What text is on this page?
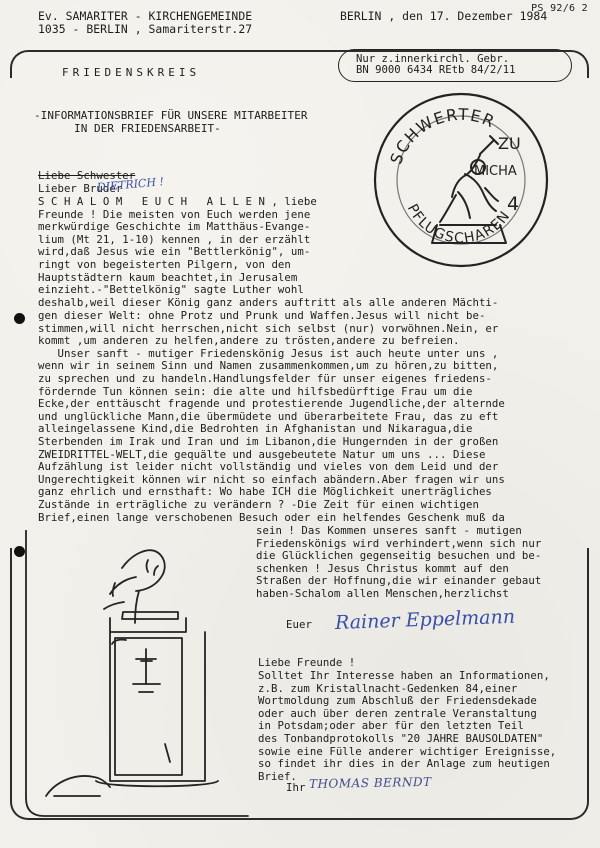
PS 92/6 2
Ev. SAMARITER - KIRCHENGEMEINDE
1035 - BERLIN , Samariterstr.27
BERLIN , den 17. Dezember 1984
Nur z.innerkirchl. Gebr.
BN 9000 6434 REtb 84/2/11
FRIEDENSKREIS
-INFORMATIONSBRIEF FÜR UNSERE MITARBEITER
IN DER FRIEDENSARBEIT-
SCHWERTER
ZU
PFLUGSCHAREN
MICHA
4
Liebe Schwester
Lieber Bruder
DIETRICH !
S C H A L O M   E U C H   A L L E N , liebe
Freunde ! Die meisten von Euch werden jene
merkwürdige Geschichte im Matthäus-Evange-
lium (Mt 21, 1-10) kennen , in der erzählt
wird,daß Jesus wie ein "Bettlerkönig", um-
ringt von begeisterten Pilgern, von den
Hauptstädtern kaum beachtet,in Jerusalem
einzieht.-"Bettelkönig" sagte Luther wohl
deshalb,weil dieser König ganz anders auftritt als alle anderen Mächti-
gen dieser Welt: ohne Protz und Prunk und Waffen.Jesus will nicht be-
stimmen,will nicht herrschen,nicht sich selbst (nur) vorwöhnen.Nein, er
kommt ,um anderen zu helfen,andere zu trösten,andere zu befreien.
Unser sanft - mutiger Friedenskönig Jesus ist auch heute unter uns ,
wenn wir in seinem Sinn und Namen zusammenkommen,um zu hören,zu bitten,
zu sprechen und zu handeln.Handlungsfelder für unser eigenes friedens-
fördernde Tun können sein: die alte und hilfsbedürftige Frau um die
Ecke,der enttäuscht fragende und protestierende Jugendliche,der alternde
und unglückliche Mann,die übermüdete und überarbeitete Frau, das zu eft
alleingelassene Kind,die Bedrohten in Afghanistan und Nikaragua,die
Sterbenden im Irak und Iran und im Libanon,die Hungernden in der großen
ZWEIDRITTEL-WELT,die gequälte und ausgebeutete Natur um uns ... Diese
Aufzählung ist leider nicht vollständig und vieles von dem Leid und der
Ungerechtigkeit können wir nicht so einfach abändern.Aber fragen wir uns
ganz ehrlich und ernsthaft: Wo habe ICH die Möglichkeit unerträgliches
Zustände in erträgliche zu verändern ? -Die Zeit für einen wichtigen
Brief,einen lange verschobenen Besuch oder ein helfendes Geschenk muß da
sein ! Das Kommen unseres sanft - mutigen
Friedenskönigs wird verhindert,wenn sich nur
die Glücklichen gegenseitig besuchen und be-
schenken ! Jesus Christus kommt auf den
Straßen der Hoffnung,die wir einander gebaut
haben-Schalom allen Menschen,herzlichst
Euer Rainer Eppelmann
Liebe Freunde !
Solltet Ihr Interesse haben an Informationen,
z.B. zum Kristallnacht-Gedenken 84,einer
Wortmoldung zum Abschluß der Friedensdekade
oder auch über deren zentrale Veranstaltung
in Potsdam;oder aber für den letzten Teil
des Tonbandprotokolls "20 JAHRE BAUSOLDATEN"
sowie eine Fülle anderer wichtiger Ereignisse,
so findet ihr dies in der Anlage zum heutigen
Brief.
Ihr THOMAS BERNDT
